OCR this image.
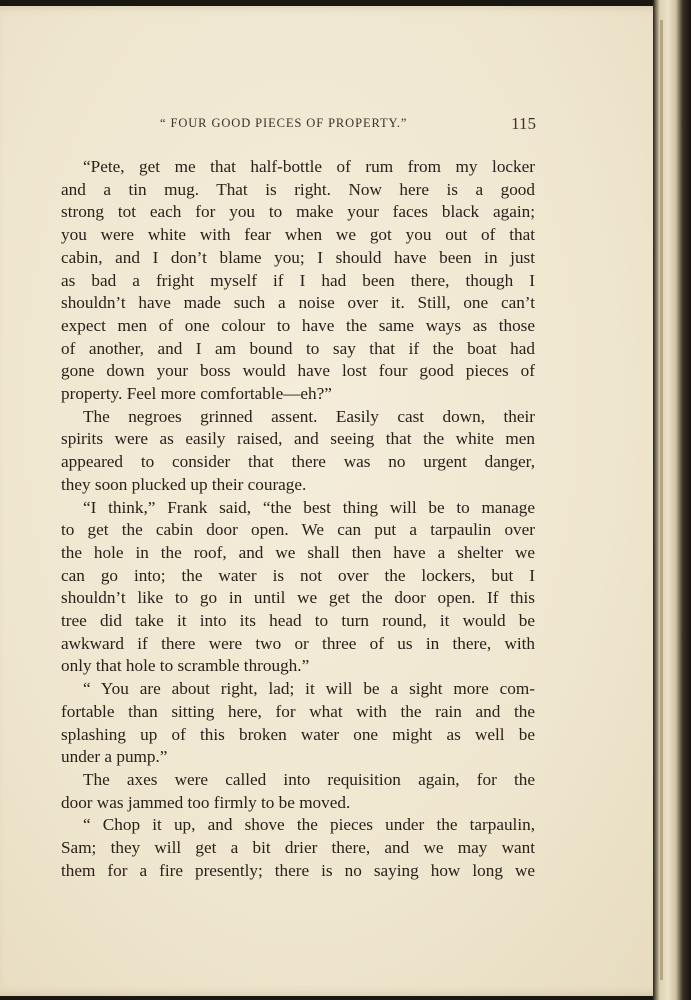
“ FOUR GOOD PIECES OF PROPERTY.”	115
“Pete, get me that half-bottle of rum from my locker
and a tin mug. That is right. Now here is a good
strong tot each for you to make your faces black again;
you were white with fear when we got you out of that
cabin, and I don’t blame you; I should have been in just
as bad a fright myself if I had been there, though I
shouldn’t have made such a noise over it. Still, one can’t
expect men of one colour to have the same ways as those
of another, and I am bound to say that if the boat had
gone down your boss would have lost four good pieces of
property. Feel more comfortable—eh?”
The negroes grinned assent. Easily cast down, their
spirits were as easily raised, and seeing that the white men
appeared to consider that there was no urgent danger,
they soon plucked up their courage.
“I think,” Frank said, “the best thing will be to manage
to get the cabin door open. We can put a tarpaulin over
the hole in the roof, and we shall then have a shelter we
can go into; the water is not over the lockers, but I
shouldn’t like to go in until we get the door open. If this
tree did take it into its head to turn round, it would be
awkward if there were two or three of us in there, with
only that hole to scramble through.”
“ You are about right, lad; it will be a sight more com-
fortable than sitting here, for what with the rain and the
splashing up of this broken water one might as well be
under a pump.”
The axes were called into requisition again, for the
door was jammed too firmly to be moved.
“ Chop it up, and shove the pieces under the tarpaulin,
Sam; they will get a bit drier there, and we may want
them for a fire presently; there is no saying how long we
